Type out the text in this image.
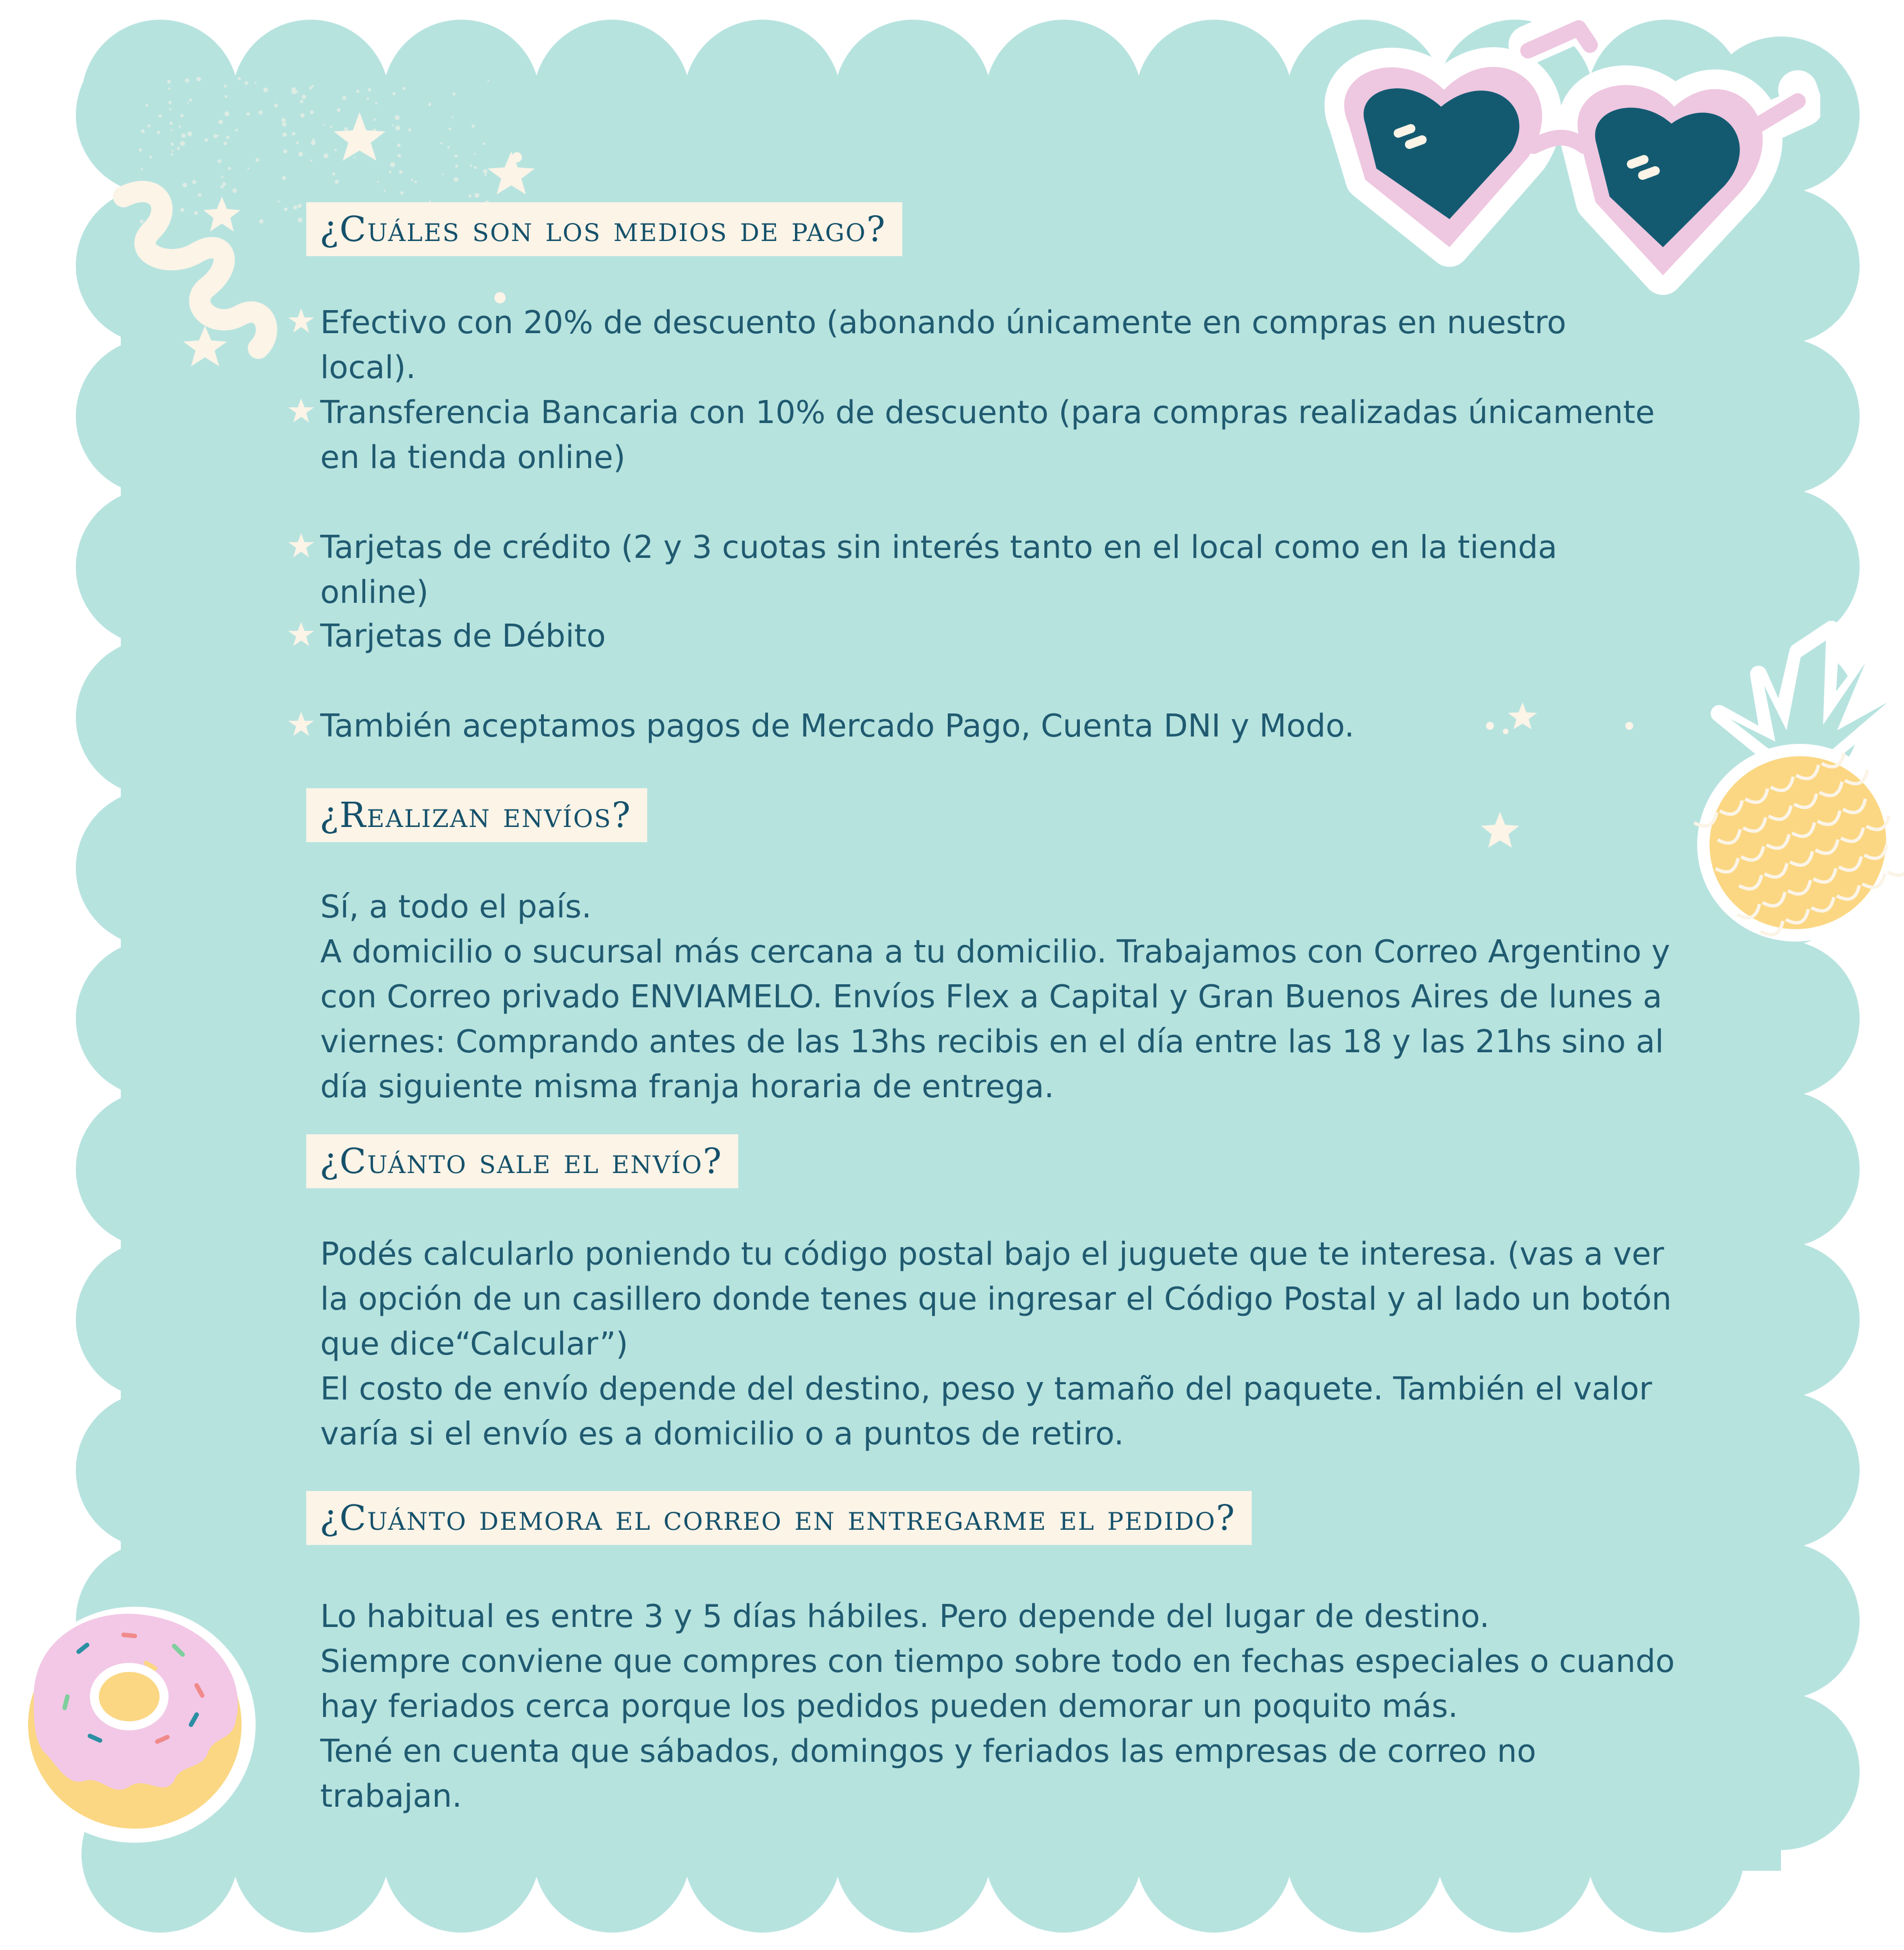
¿Cuáles son los medios de pago?
Efectivo con 20% de descuento (abonando únicamente en compras en nuestro local).
Transferencia Bancaria con 10% de descuento (para compras realizadas únicamente en la tienda online)
Tarjetas de crédito (2 y 3 cuotas sin interés tanto en el local como en la tienda online)
Tarjetas de Débito
También aceptamos pagos de Mercado Pago, Cuenta DNI y Modo.
¿Realizan envíos?
Sí, a todo el país.
A domicilio o sucursal más cercana a tu domicilio. Trabajamos con Correo Argentino y con Correo privado ENVIAMELO. Envíos Flex a Capital y Gran Buenos Aires de lunes a viernes: Comprando antes de las 13hs recibis en el día entre las 18 y las 21hs sino al día siguiente misma franja horaria de entrega.
¿Cuánto sale el envío?
Podés calcularlo poniendo tu código postal bajo el juguete que te interesa. (vas a ver la opción de un casillero donde tenes que ingresar el Código Postal y al lado un botón que dice“Calcular”)
El costo de envío depende del destino, peso y tamaño del paquete. También el valor varía si el envío es a domicilio o a puntos de retiro.
¿Cuánto demora el correo en entregarme el pedido?
Lo habitual es entre 3 y 5 días hábiles. Pero depende del lugar de destino.
Siempre conviene que compres con tiempo sobre todo en fechas especiales o cuando hay feriados cerca porque los pedidos pueden demorar un poquito más.
Tené en cuenta que sábados, domingos y feriados las empresas de correo no trabajan.
